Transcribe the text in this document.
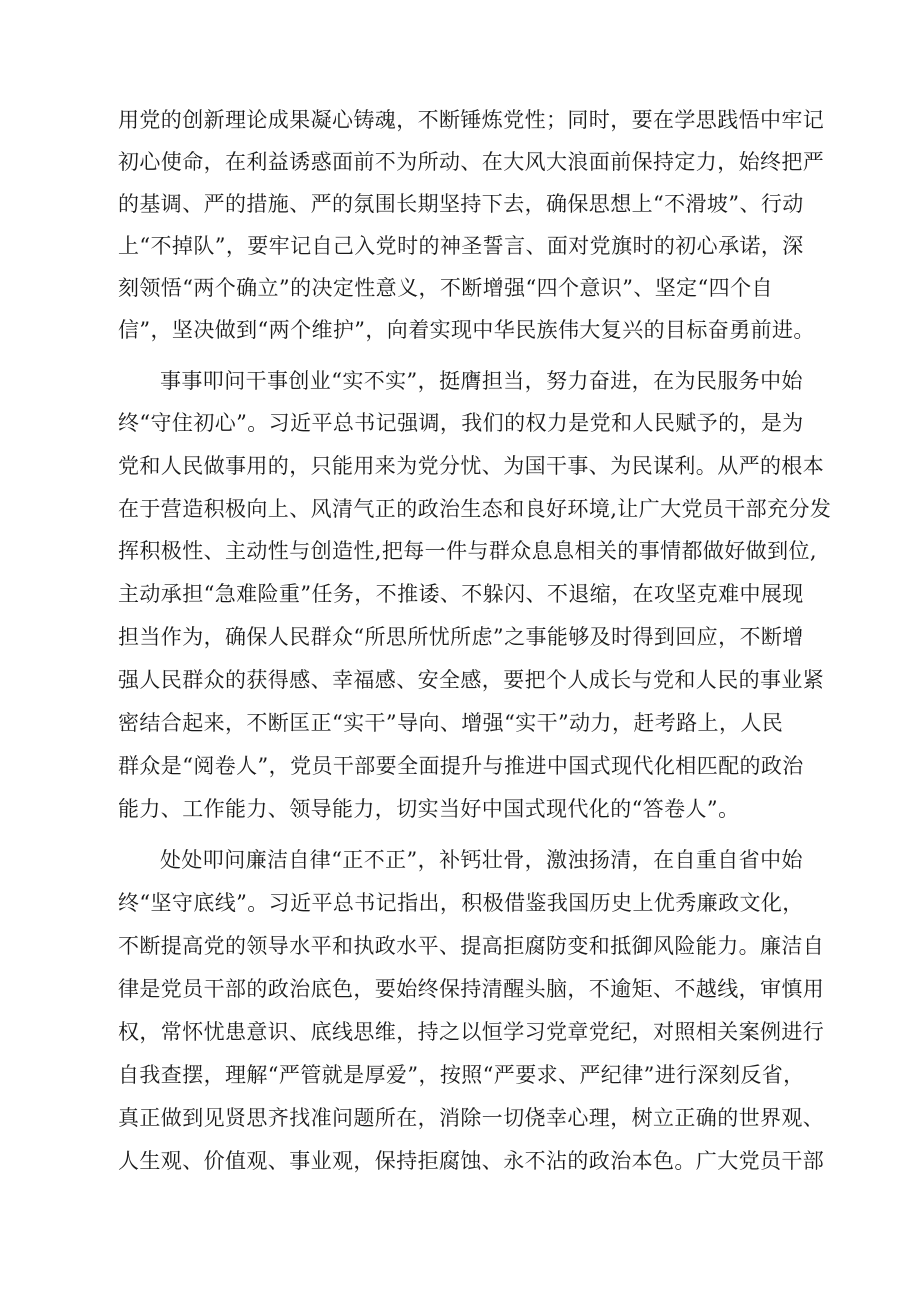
用党的创新理论成果凝心铸魂，不断锤炼党性；同时，要在学思践悟中牢记
初心使命，在利益诱惑面前不为所动、在大风大浪面前保持定力，始终把严
的基调、严的措施、严的氛围长期坚持下去，确保思想上“不滑坡”、行动
上“不掉队”，要牢记自己入党时的神圣誓言、面对党旗时的初心承诺，深
刻领悟“两个确立”的决定性意义，不断增强“四个意识”、坚定“四个自
信”，坚决做到“两个维护”，向着实现中华民族伟大复兴的目标奋勇前进。
事事叩问干事创业“实不实”，挺膺担当，努力奋进，在为民服务中始
终“守住初心”。习近平总书记强调，我们的权力是党和人民赋予的，是为
党和人民做事用的，只能用来为党分忧、为国干事、为民谋利。从严的根本
在于营造积极向上、风清气正的政治生态和良好环境,让广大党员干部充分发
挥积极性、主动性与创造性,把每一件与群众息息相关的事情都做好做到位,
主动承担“急难险重”任务，不推诿、不躲闪、不退缩，在攻坚克难中展现
担当作为，确保人民群众“所思所忧所虑”之事能够及时得到回应，不断增
强人民群众的获得感、幸福感、安全感，要把个人成长与党和人民的事业紧
密结合起来，不断匡正“实干”导向、增强“实干”动力，赶考路上，人民
群众是“阅卷人”，党员干部要全面提升与推进中国式现代化相匹配的政治
能力、工作能力、领导能力，切实当好中国式现代化的“答卷人”。
处处叩问廉洁自律“正不正”，补钙壮骨，激浊扬清，在自重自省中始
终“坚守底线”。习近平总书记指出，积极借鉴我国历史上优秀廉政文化，
不断提高党的领导水平和执政水平、提高拒腐防变和抵御风险能力。廉洁自
律是党员干部的政治底色，要始终保持清醒头脑，不逾矩、不越线，审慎用
权，常怀忧患意识、底线思维，持之以恒学习党章党纪，对照相关案例进行
自我查摆，理解“严管就是厚爱”，按照“严要求、严纪律”进行深刻反省，
真正做到见贤思齐找准问题所在，消除一切侥幸心理，树立正确的世界观、
人生观、价值观、事业观，保持拒腐蚀、永不沾的政治本色。广大党员干部
